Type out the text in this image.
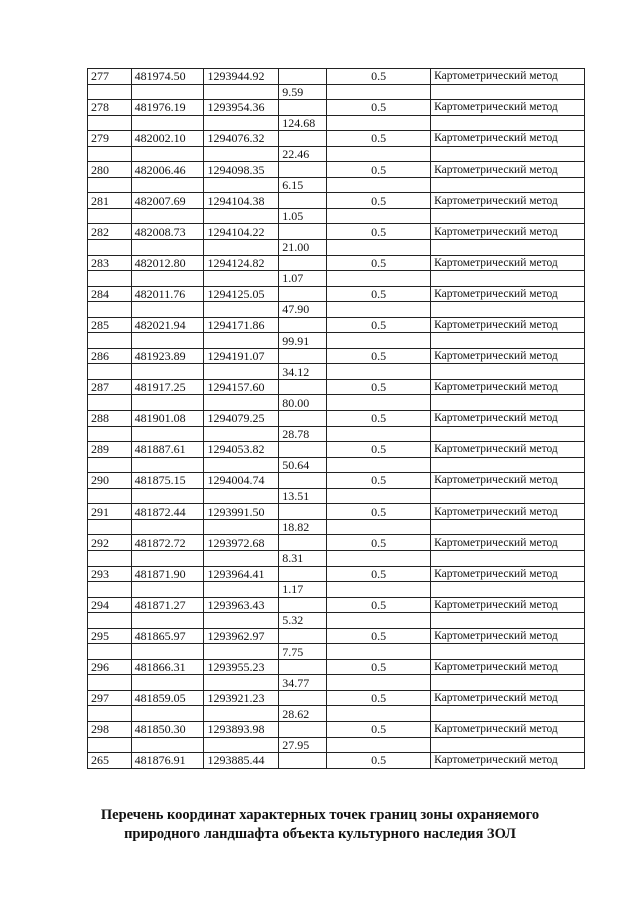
277	481974.50	1293944.92		0.5	Картометрический метод
			9.59		
278	481976.19	1293954.36		0.5	Картометрический метод
			124.68		
279	482002.10	1294076.32		0.5	Картометрический метод
			22.46		
280	482006.46	1294098.35		0.5	Картометрический метод
			6.15		
281	482007.69	1294104.38		0.5	Картометрический метод
			1.05		
282	482008.73	1294104.22		0.5	Картометрический метод
			21.00		
283	482012.80	1294124.82		0.5	Картометрический метод
			1.07		
284	482011.76	1294125.05		0.5	Картометрический метод
			47.90		
285	482021.94	1294171.86		0.5	Картометрический метод
			99.91		
286	481923.89	1294191.07		0.5	Картометрический метод
			34.12		
287	481917.25	1294157.60		0.5	Картометрический метод
			80.00		
288	481901.08	1294079.25		0.5	Картометрический метод
			28.78		
289	481887.61	1294053.82		0.5	Картометрический метод
			50.64		
290	481875.15	1294004.74		0.5	Картометрический метод
			13.51		
291	481872.44	1293991.50		0.5	Картометрический метод
			18.82		
292	481872.72	1293972.68		0.5	Картометрический метод
			8.31		
293	481871.90	1293964.41		0.5	Картометрический метод
			1.17		
294	481871.27	1293963.43		0.5	Картометрический метод
			5.32		
295	481865.97	1293962.97		0.5	Картометрический метод
			7.75		
296	481866.31	1293955.23		0.5	Картометрический метод
			34.77		
297	481859.05	1293921.23		0.5	Картометрический метод
			28.62		
298	481850.30	1293893.98		0.5	Картометрический метод
			27.95		
265	481876.91	1293885.44		0.5	Картометрический метод
Перечень координат характерных точек границ зоны охраняемого
природного ландшафта объекта культурного наследия ЗОЛ
